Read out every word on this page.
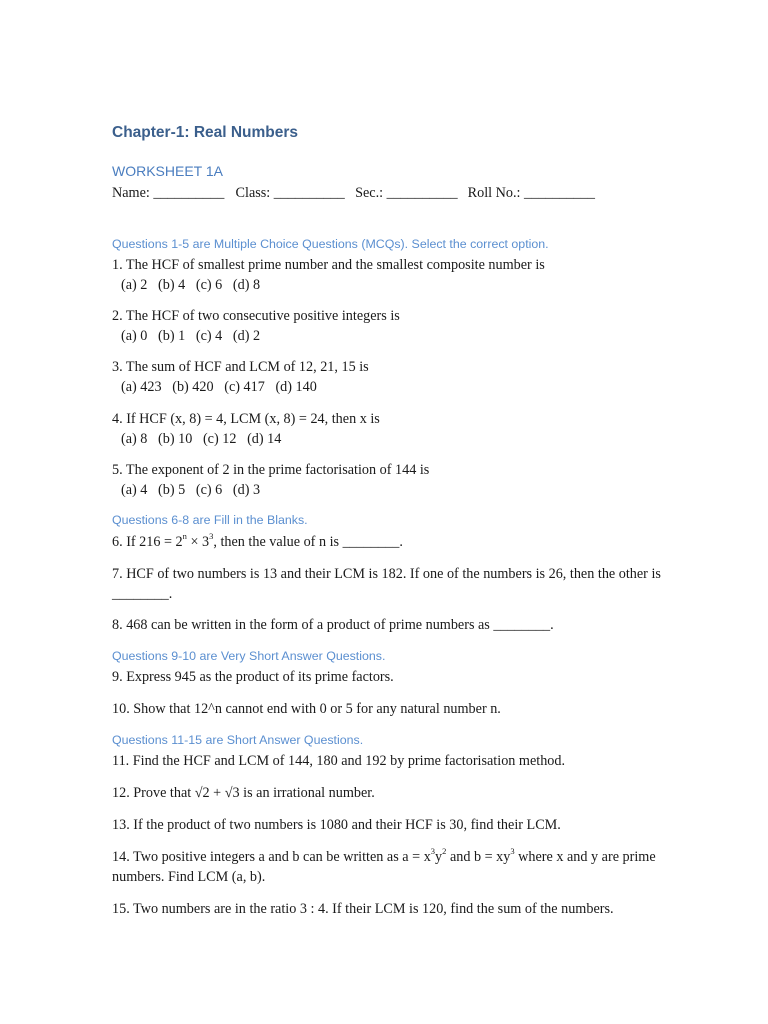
Chapter-1: Real Numbers
WORKSHEET 1A
Name: __________ Class: __________ Sec.: __________ Roll No.: __________
Questions 1-5 are Multiple Choice Questions (MCQs). Select the correct option.
1. The HCF of smallest prime number and the smallest composite number is
(a) 2   (b) 4   (c) 6   (d) 8
2. The HCF of two consecutive positive integers is
(a) 0   (b) 1   (c) 4   (d) 2
3. The sum of HCF and LCM of 12, 21, 15 is
(a) 423   (b) 420   (c) 417   (d) 140
4. If HCF (x, 8) = 4, LCM (x, 8) = 24, then x is
(a) 8   (b) 10   (c) 12   (d) 14
5. The exponent of 2 in the prime factorisation of 144 is
(a) 4   (b) 5   (c) 6   (d) 3
Questions 6-8 are Fill in the Blanks.
6. If $216 = 2^n \times 3^3$, then the value of n is ________.
7. HCF of two numbers is 13 and their LCM is 182. If one of the numbers is 26, then the other is ________.
8. 468 can be written in the form of a product of prime numbers as ________.
Questions 9-10 are Very Short Answer Questions.
9. Express 945 as the product of its prime factors.
10. Show that 12^n cannot end with 0 or 5 for any natural number n.
Questions 11-15 are Short Answer Questions.
11. Find the HCF and LCM of 144, 180 and 192 by prime factorisation method.
12. Prove that √2 + √3 is an irrational number.
13. If the product of two numbers is 1080 and their HCF is 30, find their LCM.
14. Two positive integers a and b can be written as $a = x^3y^2$ and $b = xy^3$ where x and y are prime numbers. Find LCM (a, b).
15. Two numbers are in the ratio 3 : 4. If their LCM is 120, find the sum of the numbers.
